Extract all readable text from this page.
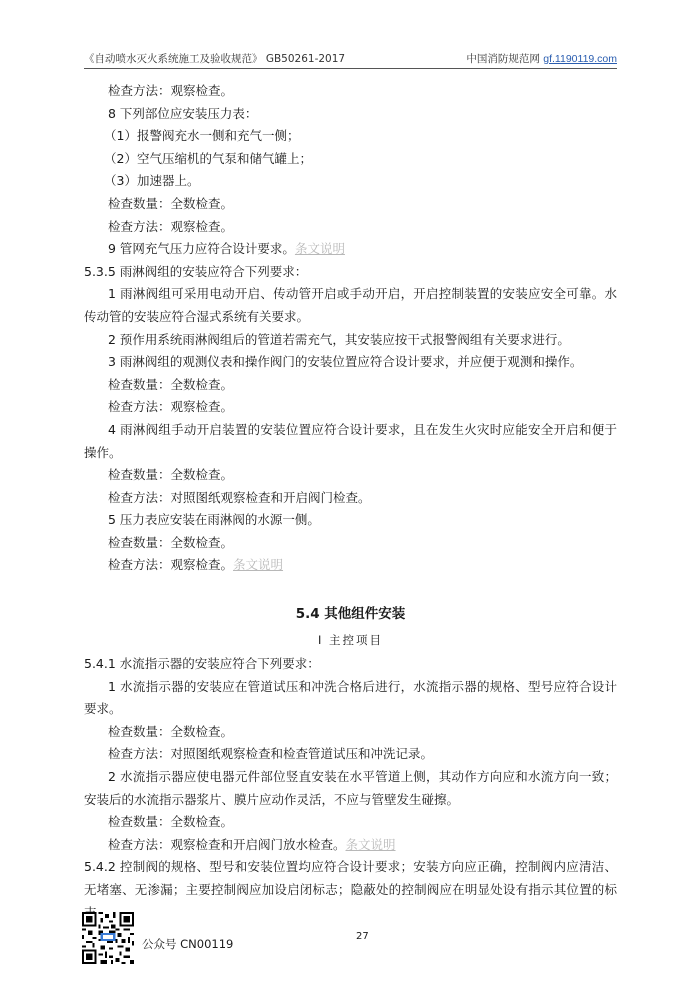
《自动喷水灭火系统施工及验收规范》 GB50261-2017	中国消防规范网 gf.1190119.com

检查方法：观察检查。

8 下列部位应安装压力表：

（1）报警阀充水一侧和充气一侧；

（2）空气压缩机的气泵和储气罐上；

（3）加速器上。

检查数量：全数检查。

检查方法：观察检查。

9 管网充气压力应符合设计要求。条文说明

5.3.5 雨淋阀组的安装应符合下列要求：

1 雨淋阀组可采用电动开启、传动管开启或手动开启，开启控制装置的安装应安全可靠。水传动管的安装应符合湿式系统有关要求。

2 预作用系统雨淋阀组后的管道若需充气，其安装应按干式报警阀组有关要求进行。

3 雨淋阀组的观测仪表和操作阀门的安装位置应符合设计要求，并应便于观测和操作。

检查数量：全数检查。

检查方法：观察检查。

4 雨淋阀组手动开启装置的安装位置应符合设计要求，且在发生火灾时应能安全开启和便于操作。

检查数量：全数检查。

检查方法：对照图纸观察检查和开启阀门检查。

5 压力表应安装在雨淋阀的水源一侧。

检查数量：全数检查。

检查方法：观察检查。条文说明

5.4 其他组件安装

I 主控项目

5.4.1 水流指示器的安装应符合下列要求：

1 水流指示器的安装应在管道试压和冲洗合格后进行，水流指示器的规格、型号应符合设计要求。

检查数量：全数检查。

检查方法：对照图纸观察检查和检查管道试压和冲洗记录。

2 水流指示器应使电器元件部位竖直安装在水平管道上侧，其动作方向应和水流方向一致；安装后的水流指示器浆片、膜片应动作灵活，不应与管壁发生碰擦。

检查数量：全数检查。

检查方法：观察检查和开启阀门放水检查。条文说明

5.4.2 控制阀的规格、型号和安装位置均应符合设计要求；安装方向应正确，控制阀内应清洁、无堵塞、无渗漏；主要控制阀应加设启闭标志；隐蔽处的控制阀应在明显处设有指示其位置的标

公众号 CN00119
27
